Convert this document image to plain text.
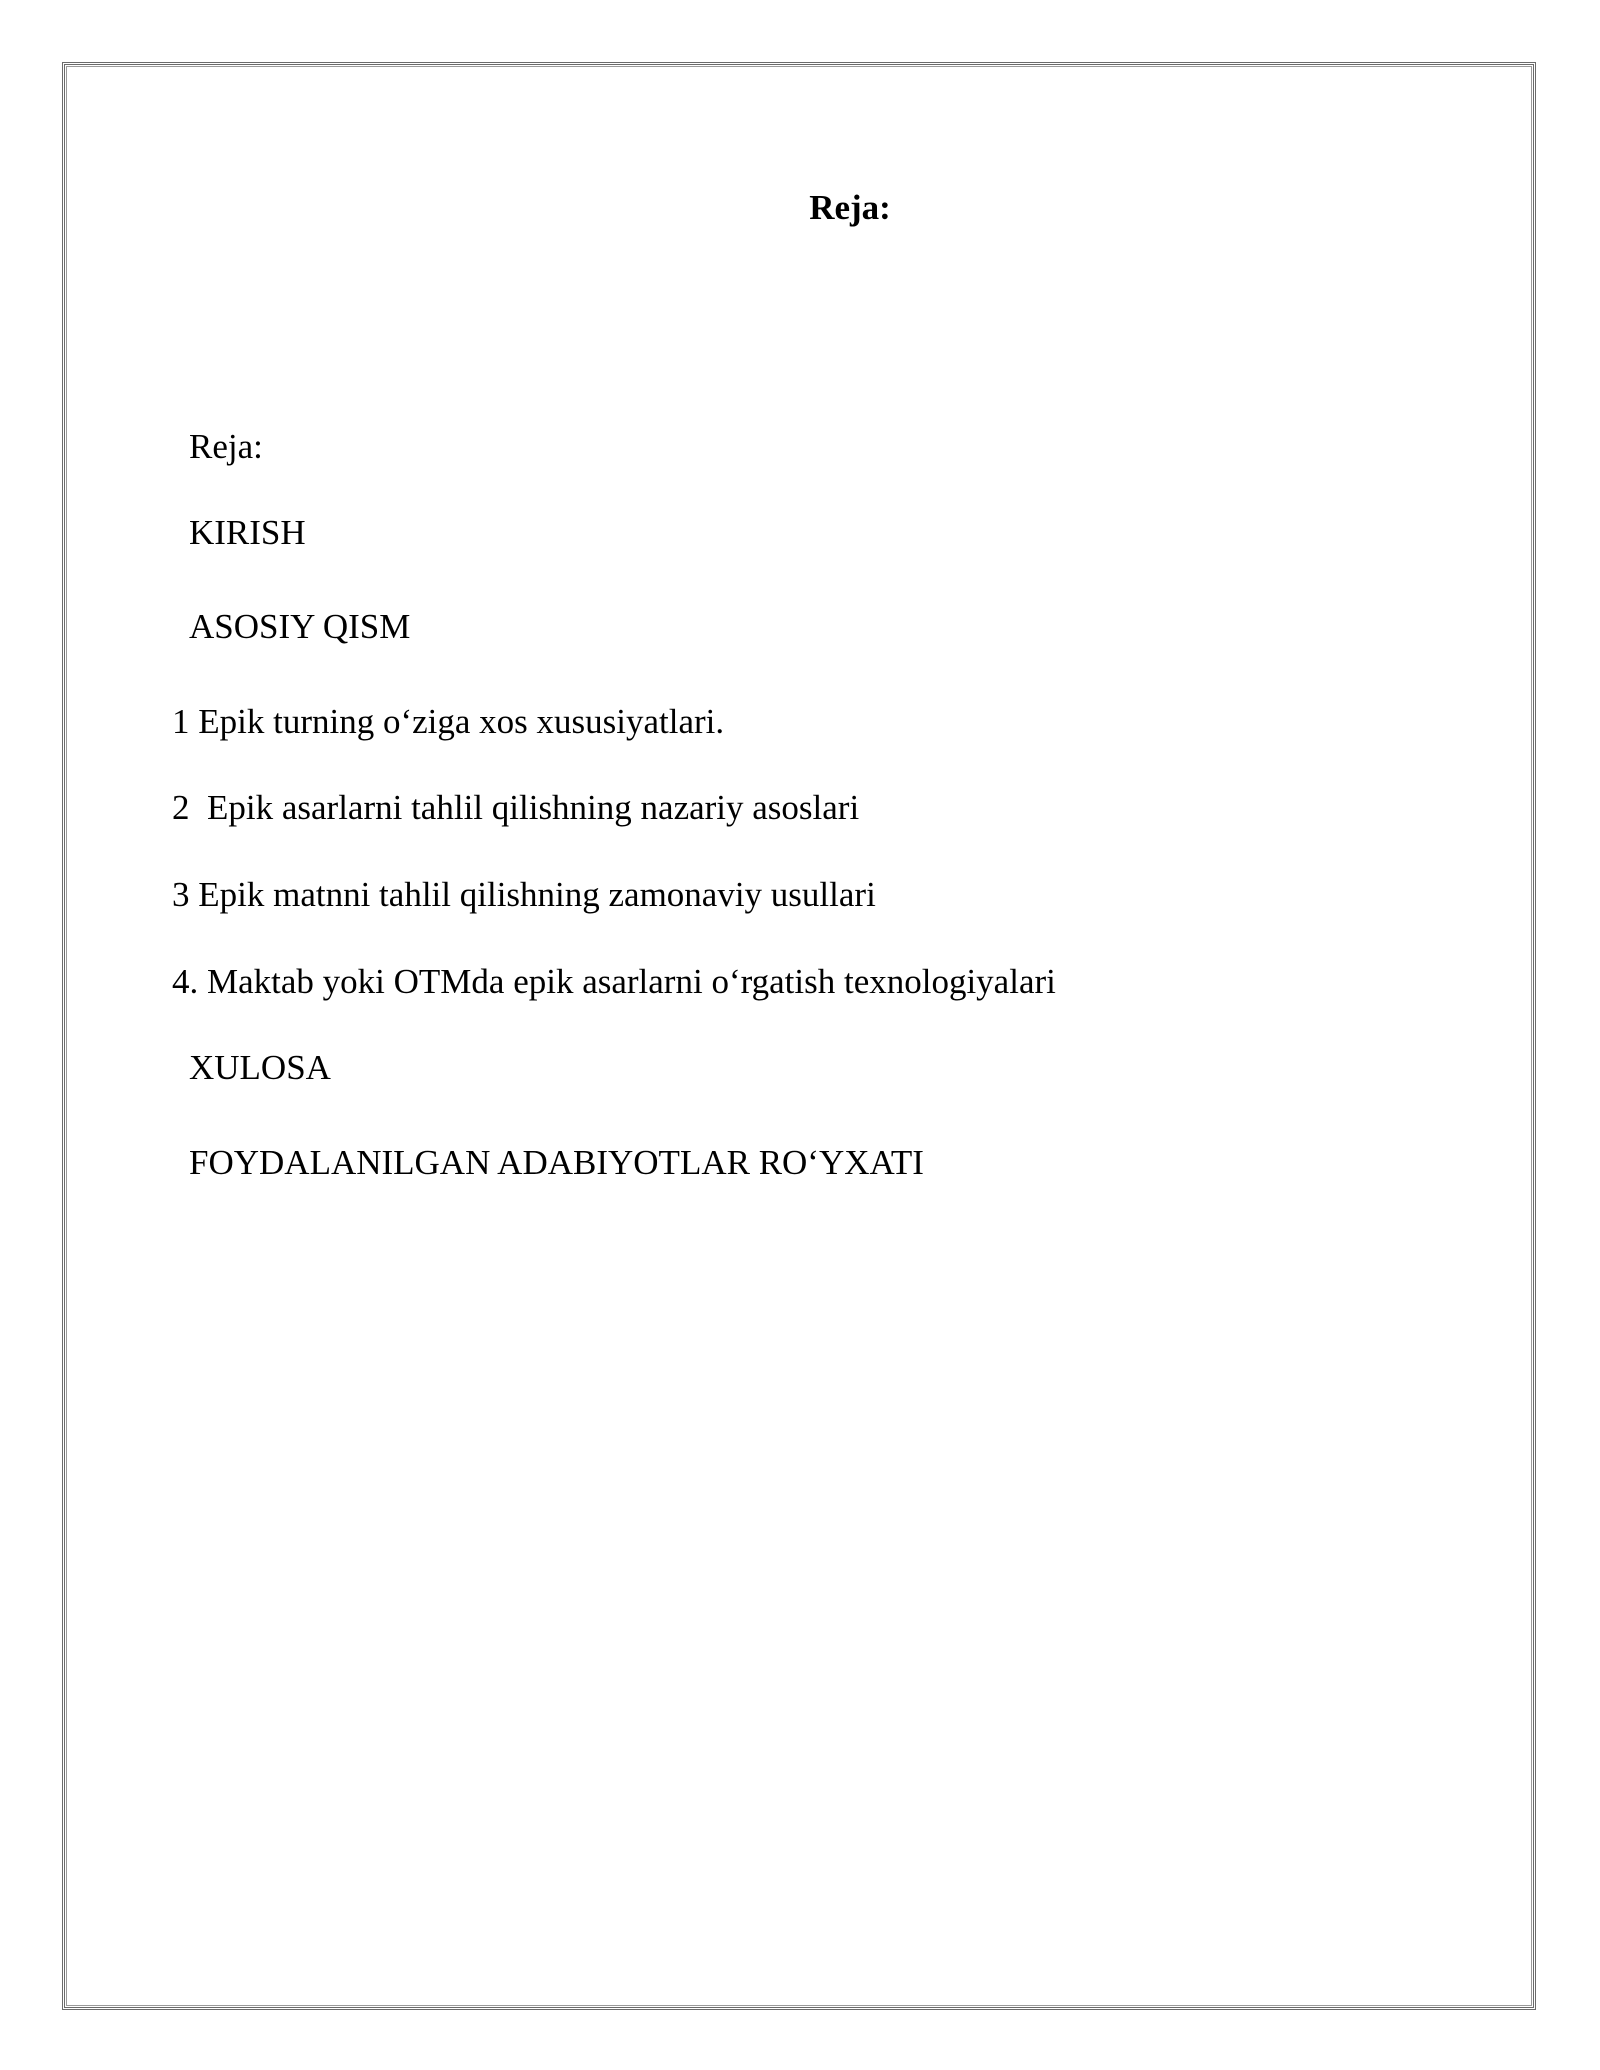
Reja:
Reja:
KIRISH
ASOSIY QISM
1 Epik turning o‘ziga xos xususiyatlari.
2  Epik asarlarni tahlil qilishning nazariy asoslari
3 Epik matnni tahlil qilishning zamonaviy usullari
4. Maktab yoki OTMda epik asarlarni o‘rgatish texnologiyalari
XULOSA
FOYDALANILGAN ADABIYOTLAR RO‘YXATI
